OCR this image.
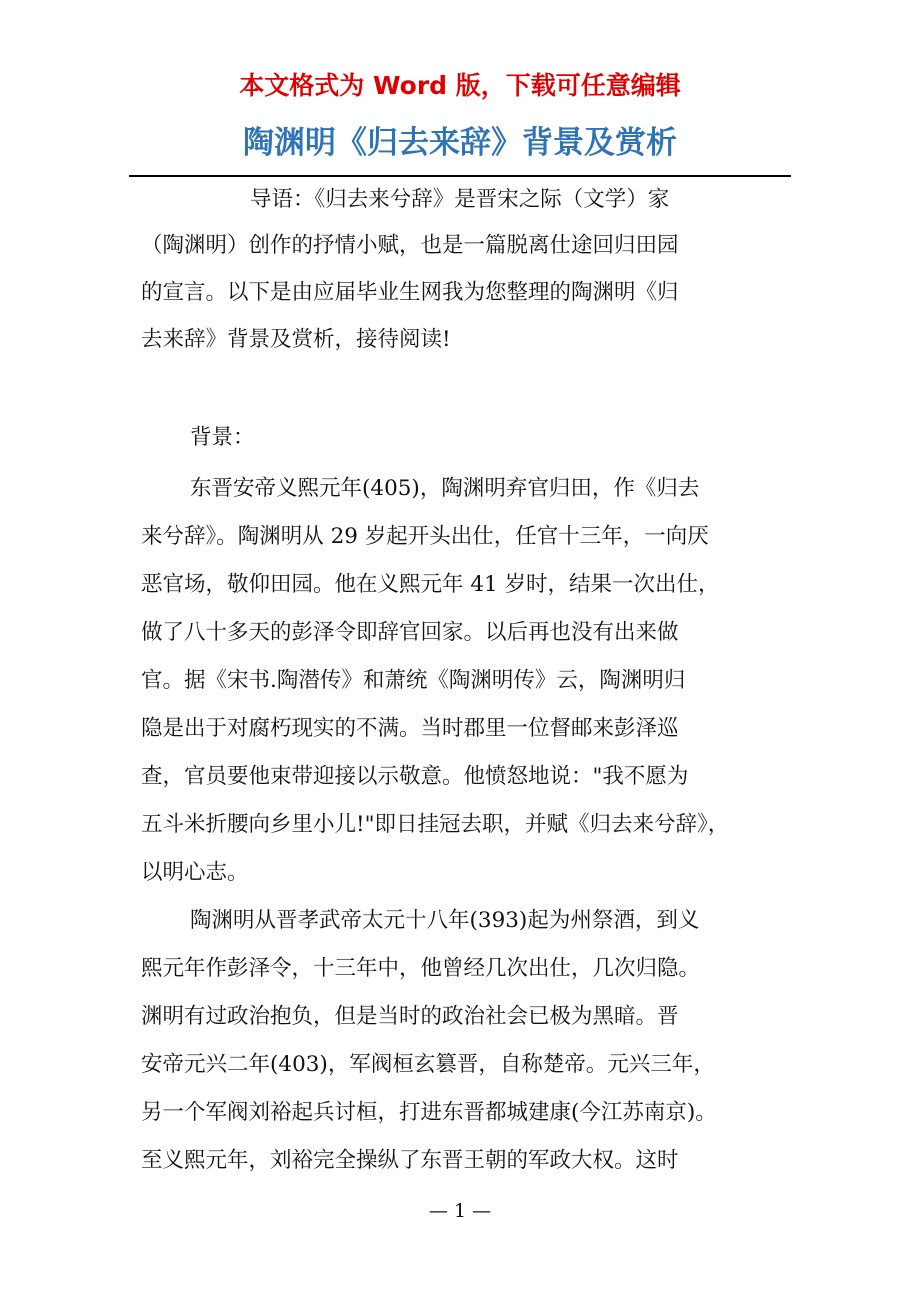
本文格式为 Word 版，下载可任意编辑
陶渊明《归去来辞》背景及赏析
导语：《归去来兮辞》是晋宋之际（文学）家
（陶渊明）创作的抒情小赋，也是一篇脱离仕途回归田园
的宣言。以下是由应届毕业生网我为您整理的陶渊明《归
去来辞》背景及赏析，接待阅读!
背景：
东晋安帝义熙元年(405)，陶渊明弃官归田，作《归去
来兮辞》。陶渊明从 29 岁起开头出仕，任官十三年，一向厌
恶官场，敬仰田园。他在义熙元年 41 岁时，结果一次出仕，
做了八十多天的彭泽令即辞官回家。以后再也没有出来做
官。据《宋书.陶潜传》和萧统《陶渊明传》云，陶渊明归
隐是出于对腐朽现实的不满。当时郡里一位督邮来彭泽巡
查，官员要他束带迎接以示敬意。他愤怒地说："我不愿为
五斗米折腰向乡里小儿!"即日挂冠去职，并赋《归去来兮辞》，
以明心志。
陶渊明从晋孝武帝太元十八年(393)起为州祭酒，到义
熙元年作彭泽令，十三年中，他曾经几次出仕，几次归隐。
渊明有过政治抱负，但是当时的政治社会已极为黑暗。晋
安帝元兴二年(403)，军阀桓玄篡晋，自称楚帝。元兴三年，
另一个军阀刘裕起兵讨桓，打进东晋都城建康(今江苏南京)。
至义熙元年，刘裕完全操纵了东晋王朝的军政大权。这时
— 1 —
